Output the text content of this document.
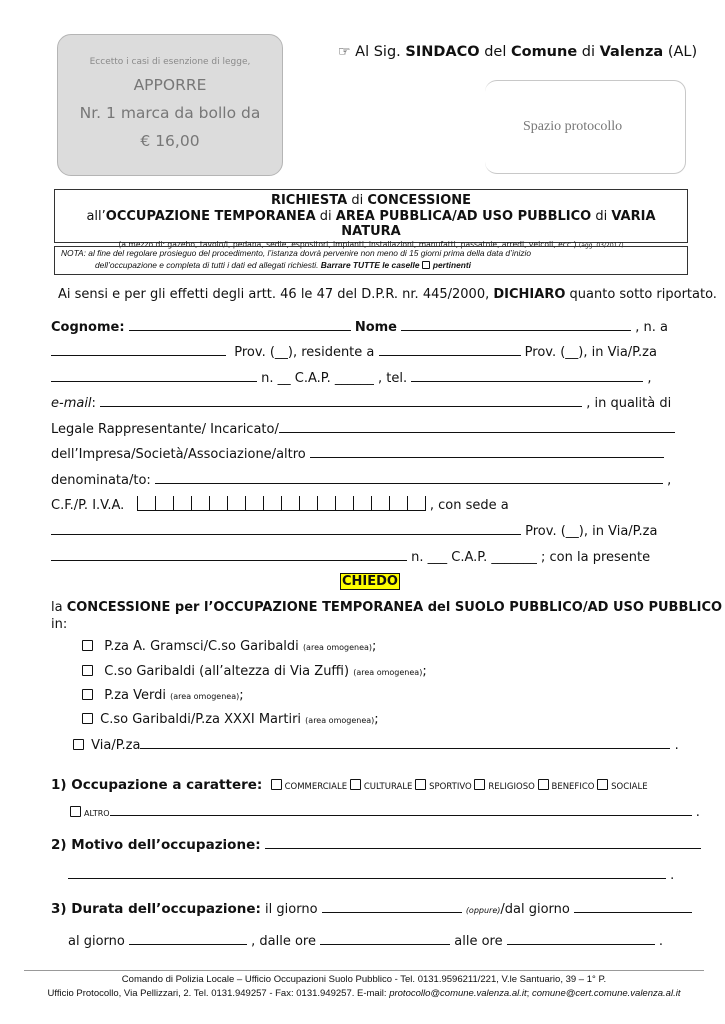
Eccetto i casi di esenzione di legge,
APPORRE
Nr. 1 marca da bollo da
€ 16,00
☞ Al Sig. SINDACO del Comune di Valenza (AL)
Spazio protocollo
RICHIESTA di CONCESSIONE
all’OCCUPAZIONE TEMPORANEA di AREA PUBBLICA/AD USO PUBBLICO di VARIA NATURA
(a mezzo di: gazebo, tavolo/i, pedana, sedie, espositori, impianti, installazioni, manufatti, passatoie, arredi, veicoli, ecc.) (agg. 03/2017)
NOTA: al fine del regolare prosieguo del procedimento, l’istanza dovrà pervenire non meno di 15 giorni prima della data d’inizio
dell’occupazione e completa di tutti i dati ed allegati richiesti. Barrare TUTTE le caselle pertinenti
Ai sensi e per gli effetti degli artt. 46 le 47 del D.P.R. nr. 445/2000, DICHIARO quanto sotto riportato.
Cognome:	Nome	, n. a
Prov. (__), residente a	Prov. (__), in Via/P.za
n. __ C.A.P. ______ , tel.	,
e-mail:	, in qualità di
Legale Rappresentante/ Incaricato/
dell’Impresa/Società/Associazione/altro
denominata/to:	,
C.F./P. I.V.A.	, con sede a
Prov. (__), in Via/P.za
n. ___ C.A.P. _______ ; con la presente
CHIEDO
la CONCESSIONE per l’OCCUPAZIONE TEMPORANEA del SUOLO PUBBLICO/AD USO PUBBLICO
in:
P.za A. Gramsci/C.so Garibaldi (area omogenea);
C.so Garibaldi (all’altezza di Via Zuffi) (area omogenea);
P.za Verdi (area omogenea);
C.so Garibaldi/P.za XXXI Martiri (area omogenea);
Via/P.za	.
1) Occupazione a carattere:	COMMERCIALE CULTURALE SPORTIVO RELIGIOSO BENEFICO SOCIALE
ALTRO	.
2) Motivo dell’occupazione:
.
3) Durata dell’occupazione: il giorno	(oppure)/dal giorno
al giorno	, dalle ore	alle ore	.
Comando di Polizia Locale – Ufficio Occupazioni Suolo Pubblico - Tel. 0131.9596211/221, V.le Santuario, 39 – 1° P.
Ufficio Protocollo, Via Pellizzari, 2. Tel. 0131.949257 - Fax: 0131.949257. E-mail: protocollo@comune.valenza.al.it; comune@cert.comune.valenza.al.it
